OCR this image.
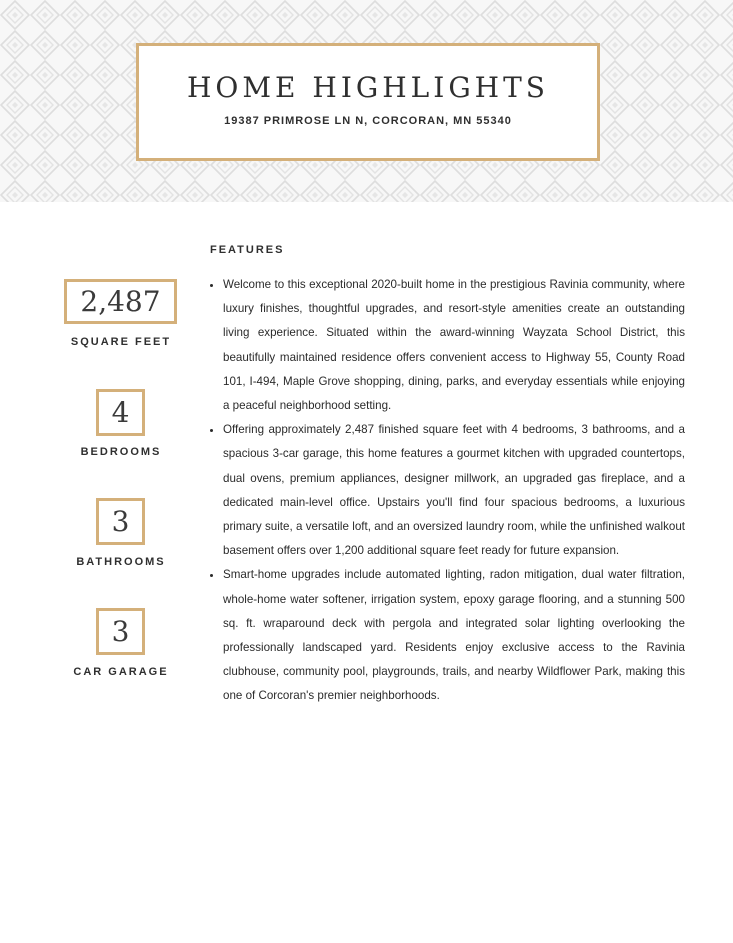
HOME HIGHLIGHTS
19387 PRIMROSE LN N, CORCORAN, MN 55340
2,487
SQUARE FEET
4
BEDROOMS
3
BATHROOMS
3
CAR GARAGE
FEATURES
• Welcome to this exceptional 2020-built home in the prestigious Ravinia community, where luxury finishes, thoughtful upgrades, and resort-style amenities create an outstanding living experience. Situated within the award-winning Wayzata School District, this beautifully maintained residence offers convenient access to Highway 55, County Road 101, I-494, Maple Grove shopping, dining, parks, and everyday essentials while enjoying a peaceful neighborhood setting.
• Offering approximately 2,487 finished square feet with 4 bedrooms, 3 bathrooms, and a spacious 3-car garage, this home features a gourmet kitchen with upgraded countertops, dual ovens, premium appliances, designer millwork, an upgraded gas fireplace, and a dedicated main-level office. Upstairs you'll find four spacious bedrooms, a luxurious primary suite, a versatile loft, and an oversized laundry room, while the unfinished walkout basement offers over 1,200 additional square feet ready for future expansion.
• Smart-home upgrades include automated lighting, radon mitigation, dual water filtration, whole-home water softener, irrigation system, epoxy garage flooring, and a stunning 500 sq. ft. wraparound deck with pergola and integrated solar lighting overlooking the professionally landscaped yard. Residents enjoy exclusive access to the Ravinia clubhouse, community pool, playgrounds, trails, and nearby Wildflower Park, making this one of Corcoran's premier neighborhoods.
